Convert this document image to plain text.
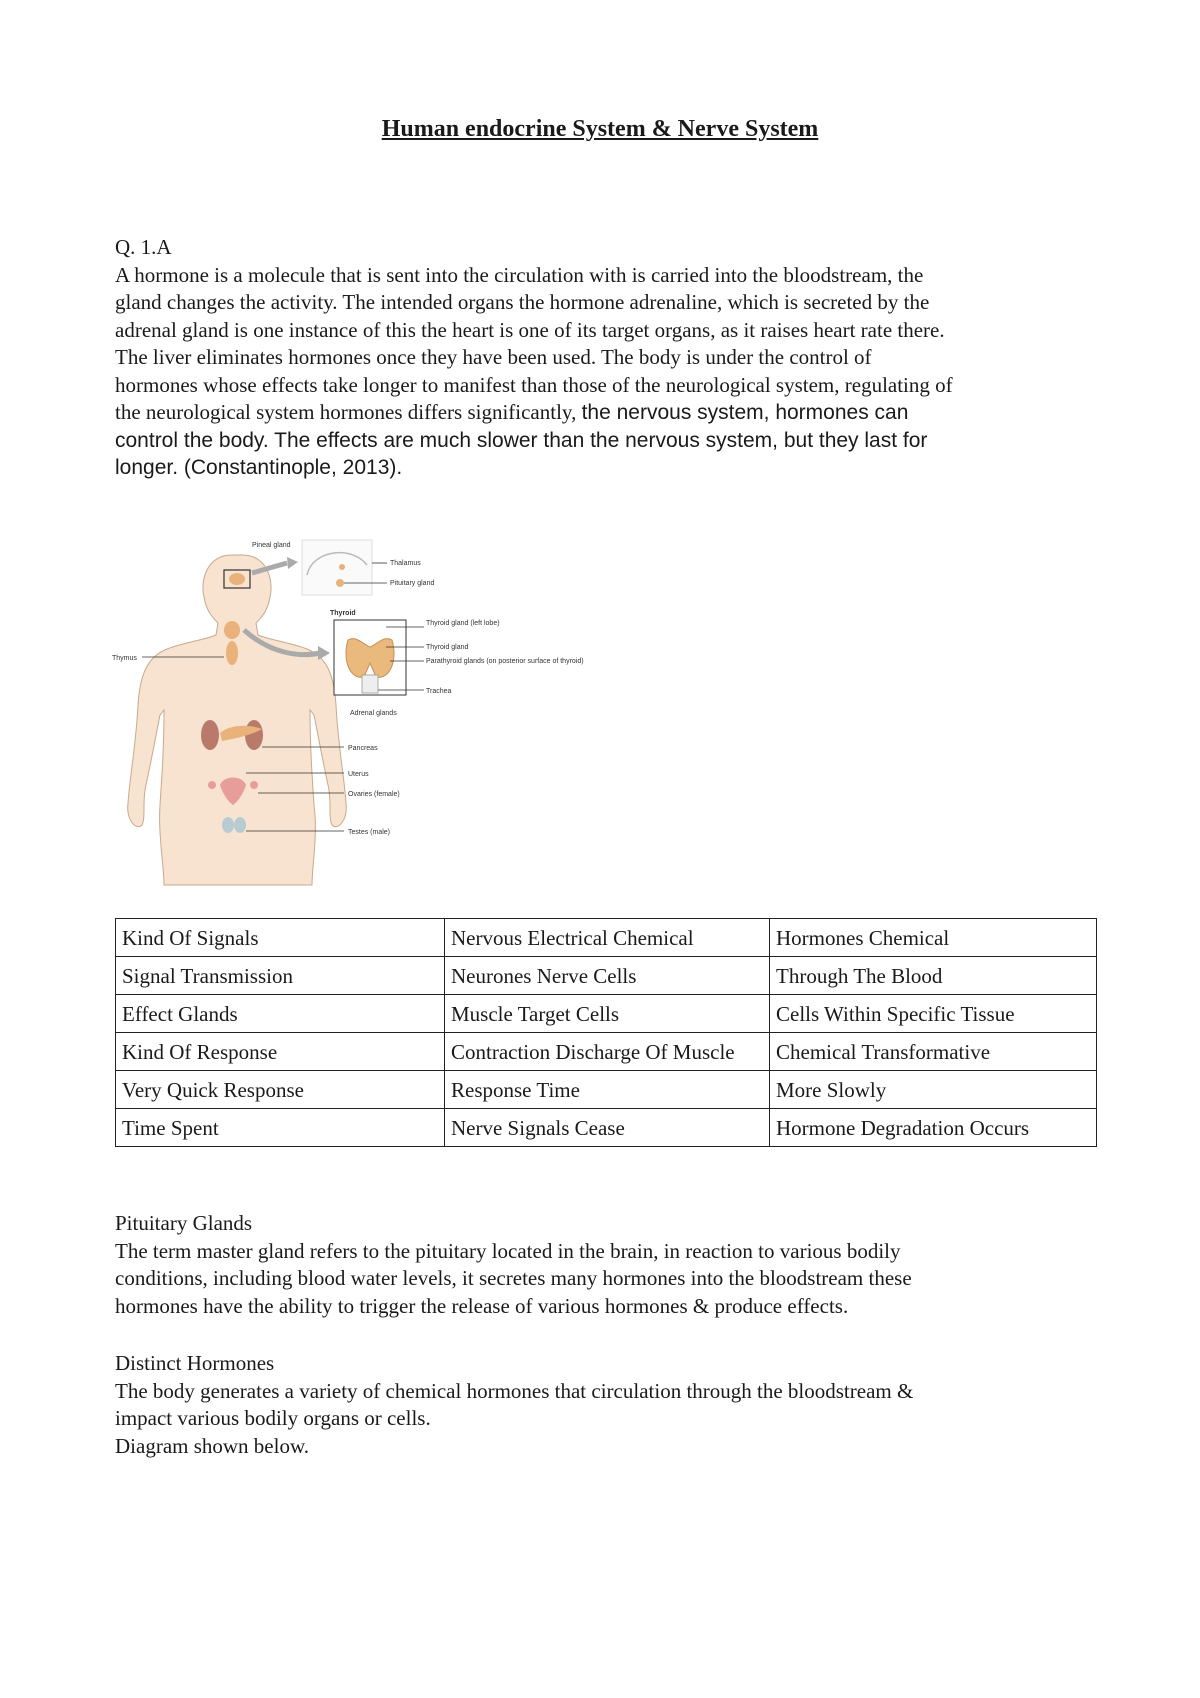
Human endocrine System & Nerve System

Q. 1.A
A hormone is a molecule that is sent into the circulation with is carried into the bloodstream, the
gland changes the activity. The intended organs the hormone adrenaline, which is secreted by the
adrenal gland is one instance of this the heart is one of its target organs, as it raises heart rate there.
The liver eliminates hormones once they have been used. The body is under the control of
hormones whose effects take longer to manifest than those of the neurological system, regulating of
the neurological system hormones differs significantly, the nervous system, hormones can
control the body. The effects are much slower than the nervous system, but they last for
longer. (Constantinople, 2013).

Pineal gland
Thalamus
Pituitary gland
Thymus
Thyroid
Thyroid gland (left lobe)
Thyroid gland
Parathyroid glands (on posterior surface of thyroid)
Trachea
Adrenal glands
Pancreas
Uterus
Ovaries (female)
Testes (male)
Kind Of Signals	Nervous Electrical Chemical	Hormones Chemical
Signal Transmission	Neurones Nerve Cells	Through The Blood
Effect Glands	Muscle Target Cells	Cells Within Specific Tissue
Kind Of Response	Contraction Discharge Of Muscle	Chemical Transformative
Very Quick Response	Response Time	More Slowly
Time Spent	Nerve Signals Cease	Hormone Degradation Occurs

Pituitary Glands
The term master gland refers to the pituitary located in the brain, in reaction to various bodily
conditions, including blood water levels, it secretes many hormones into the bloodstream these
hormones have the ability to trigger the release of various hormones & produce effects.

Distinct Hormones
The body generates a variety of chemical hormones that circulation through the bloodstream &
impact various bodily organs or cells.
Diagram shown below.
